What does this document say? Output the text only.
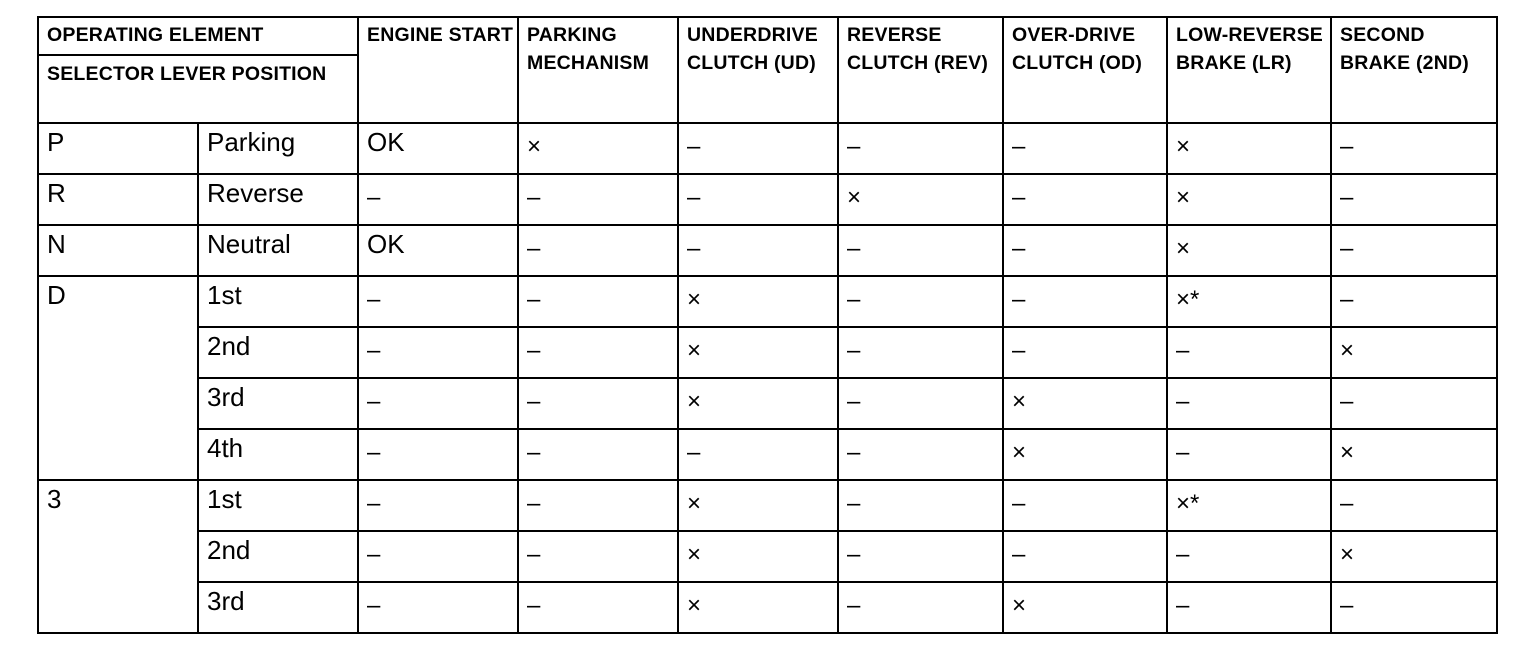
OPERATING ELEMENT		ENGINE START	PARKING MECHANISM	UNDERDRIVE CLUTCH (UD)	REVERSE CLUTCH (REV)	OVER-DRIVE CLUTCH (OD)	LOW-REVERSE BRAKE (LR)	SECOND BRAKE (2ND)
SELECTOR LEVER POSITION								
P	Parking	OK	×	–	–	–	×	–
R	Reverse	–	–	–	×	–	×	–
N	Neutral	OK	–	–	–	–	×	–
D	1st	–	–	×	–	–	×*	–
	2nd	–	–	×	–	–	–	×
	3rd	–	–	×	–	×	–	–
	4th	–	–	–	–	×	–	×
3	1st	–	–	×	–	–	×*	–
	2nd	–	–	×	–	–	–	×
	3rd	–	–	×	–	×	–	–
